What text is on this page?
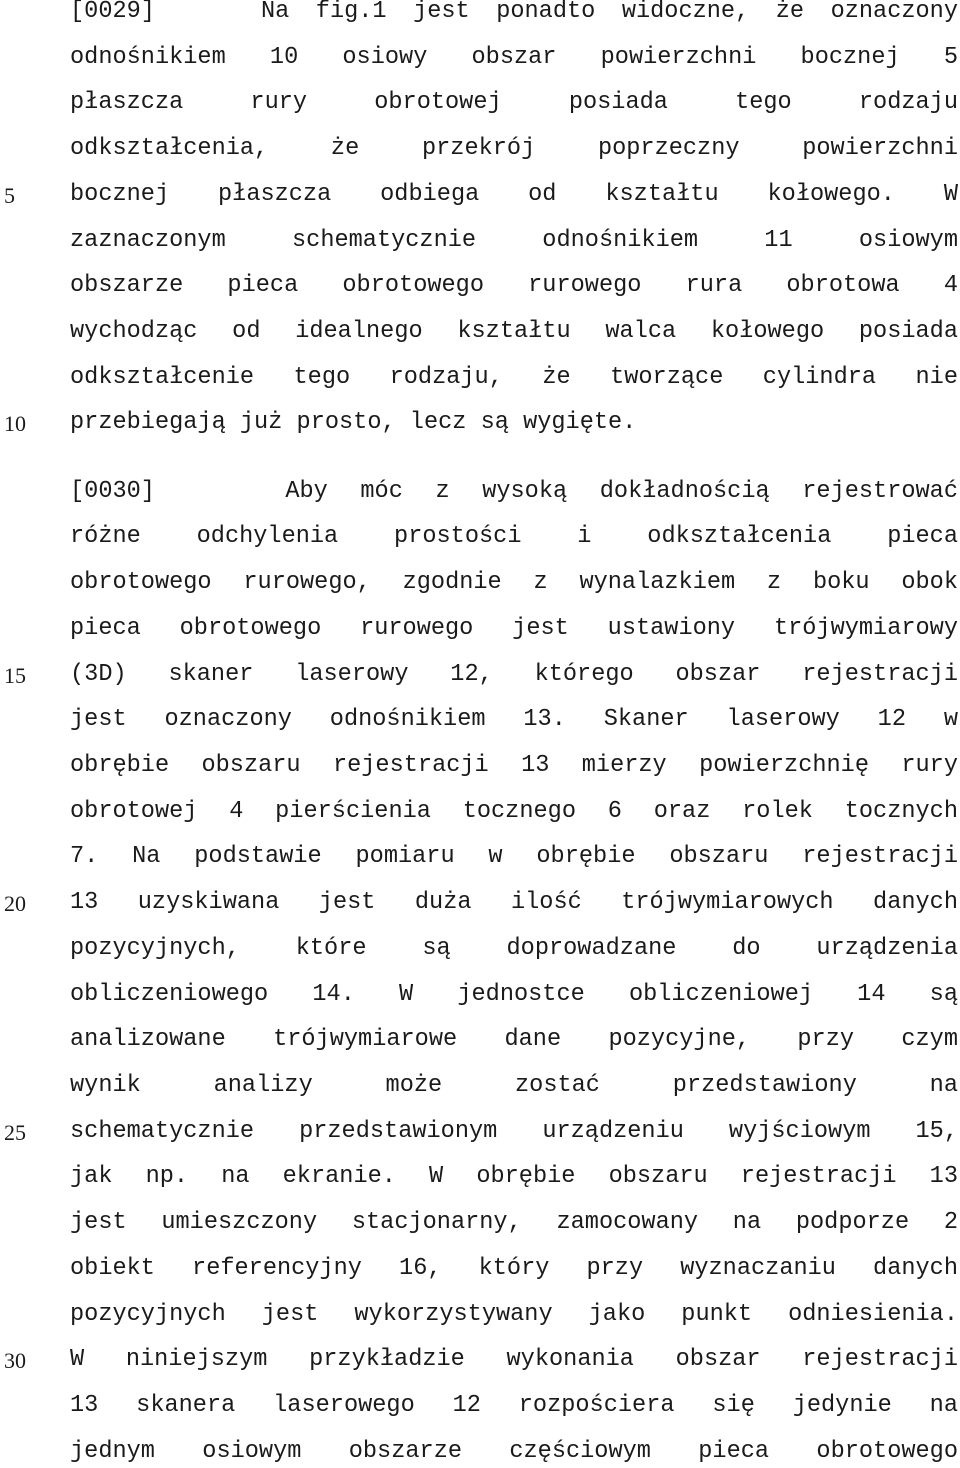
[0029]    Na fig.1 jest ponadto widoczne, że oznaczony
odnośnikiem 10 osiowy obszar powierzchni bocznej 5
płaszcza rury obrotowej posiada tego rodzaju
odkształcenia, że przekrój poprzeczny powierzchni
bocznej płaszcza odbiega od kształtu kołowego. W
zaznaczonym schematycznie odnośnikiem 11 osiowym
obszarze pieca obrotowego rurowego rura obrotowa 4
wychodząc od idealnego kształtu walca kołowego posiada
odkształcenie tego rodzaju, że tworzące cylindra nie
przebiegają już prosto, lecz są wygięte.
[0030]    Aby móc z wysoką dokładnością rejestrować
różne odchylenia prostości i odkształcenia pieca
obrotowego rurowego, zgodnie z wynalazkiem z boku obok
pieca obrotowego rurowego jest ustawiony trójwymiarowy
(3D) skaner laserowy 12, którego obszar rejestracji
jest oznaczony odnośnikiem 13. Skaner laserowy 12 w
obrębie obszaru rejestracji 13 mierzy powierzchnię rury
obrotowej 4 pierścienia tocznego 6 oraz rolek tocznych
7. Na podstawie pomiaru w obrębie obszaru rejestracji
13 uzyskiwana jest duża ilość trójwymiarowych danych
pozycyjnych, które są doprowadzane do urządzenia
obliczeniowego 14. W jednostce obliczeniowej 14 są
analizowane trójwymiarowe dane pozycyjne, przy czym
wynik analizy może zostać przedstawiony na
schematycznie przedstawionym urządzeniu wyjściowym 15,
jak np. na ekranie. W obrębie obszaru rejestracji 13
jest umieszczony stacjonarny, zamocowany na podporze 2
obiekt referencyjny 16, który przy wyznaczaniu danych
pozycyjnych jest wykorzystywany jako punkt odniesienia.
W niniejszym przykładzie wykonania obszar rejestracji
13 skanera laserowego 12 rozpościera się jedynie na
jednym osiowym obszarze częściowym pieca obrotowego
5
10
15
20
25
30
